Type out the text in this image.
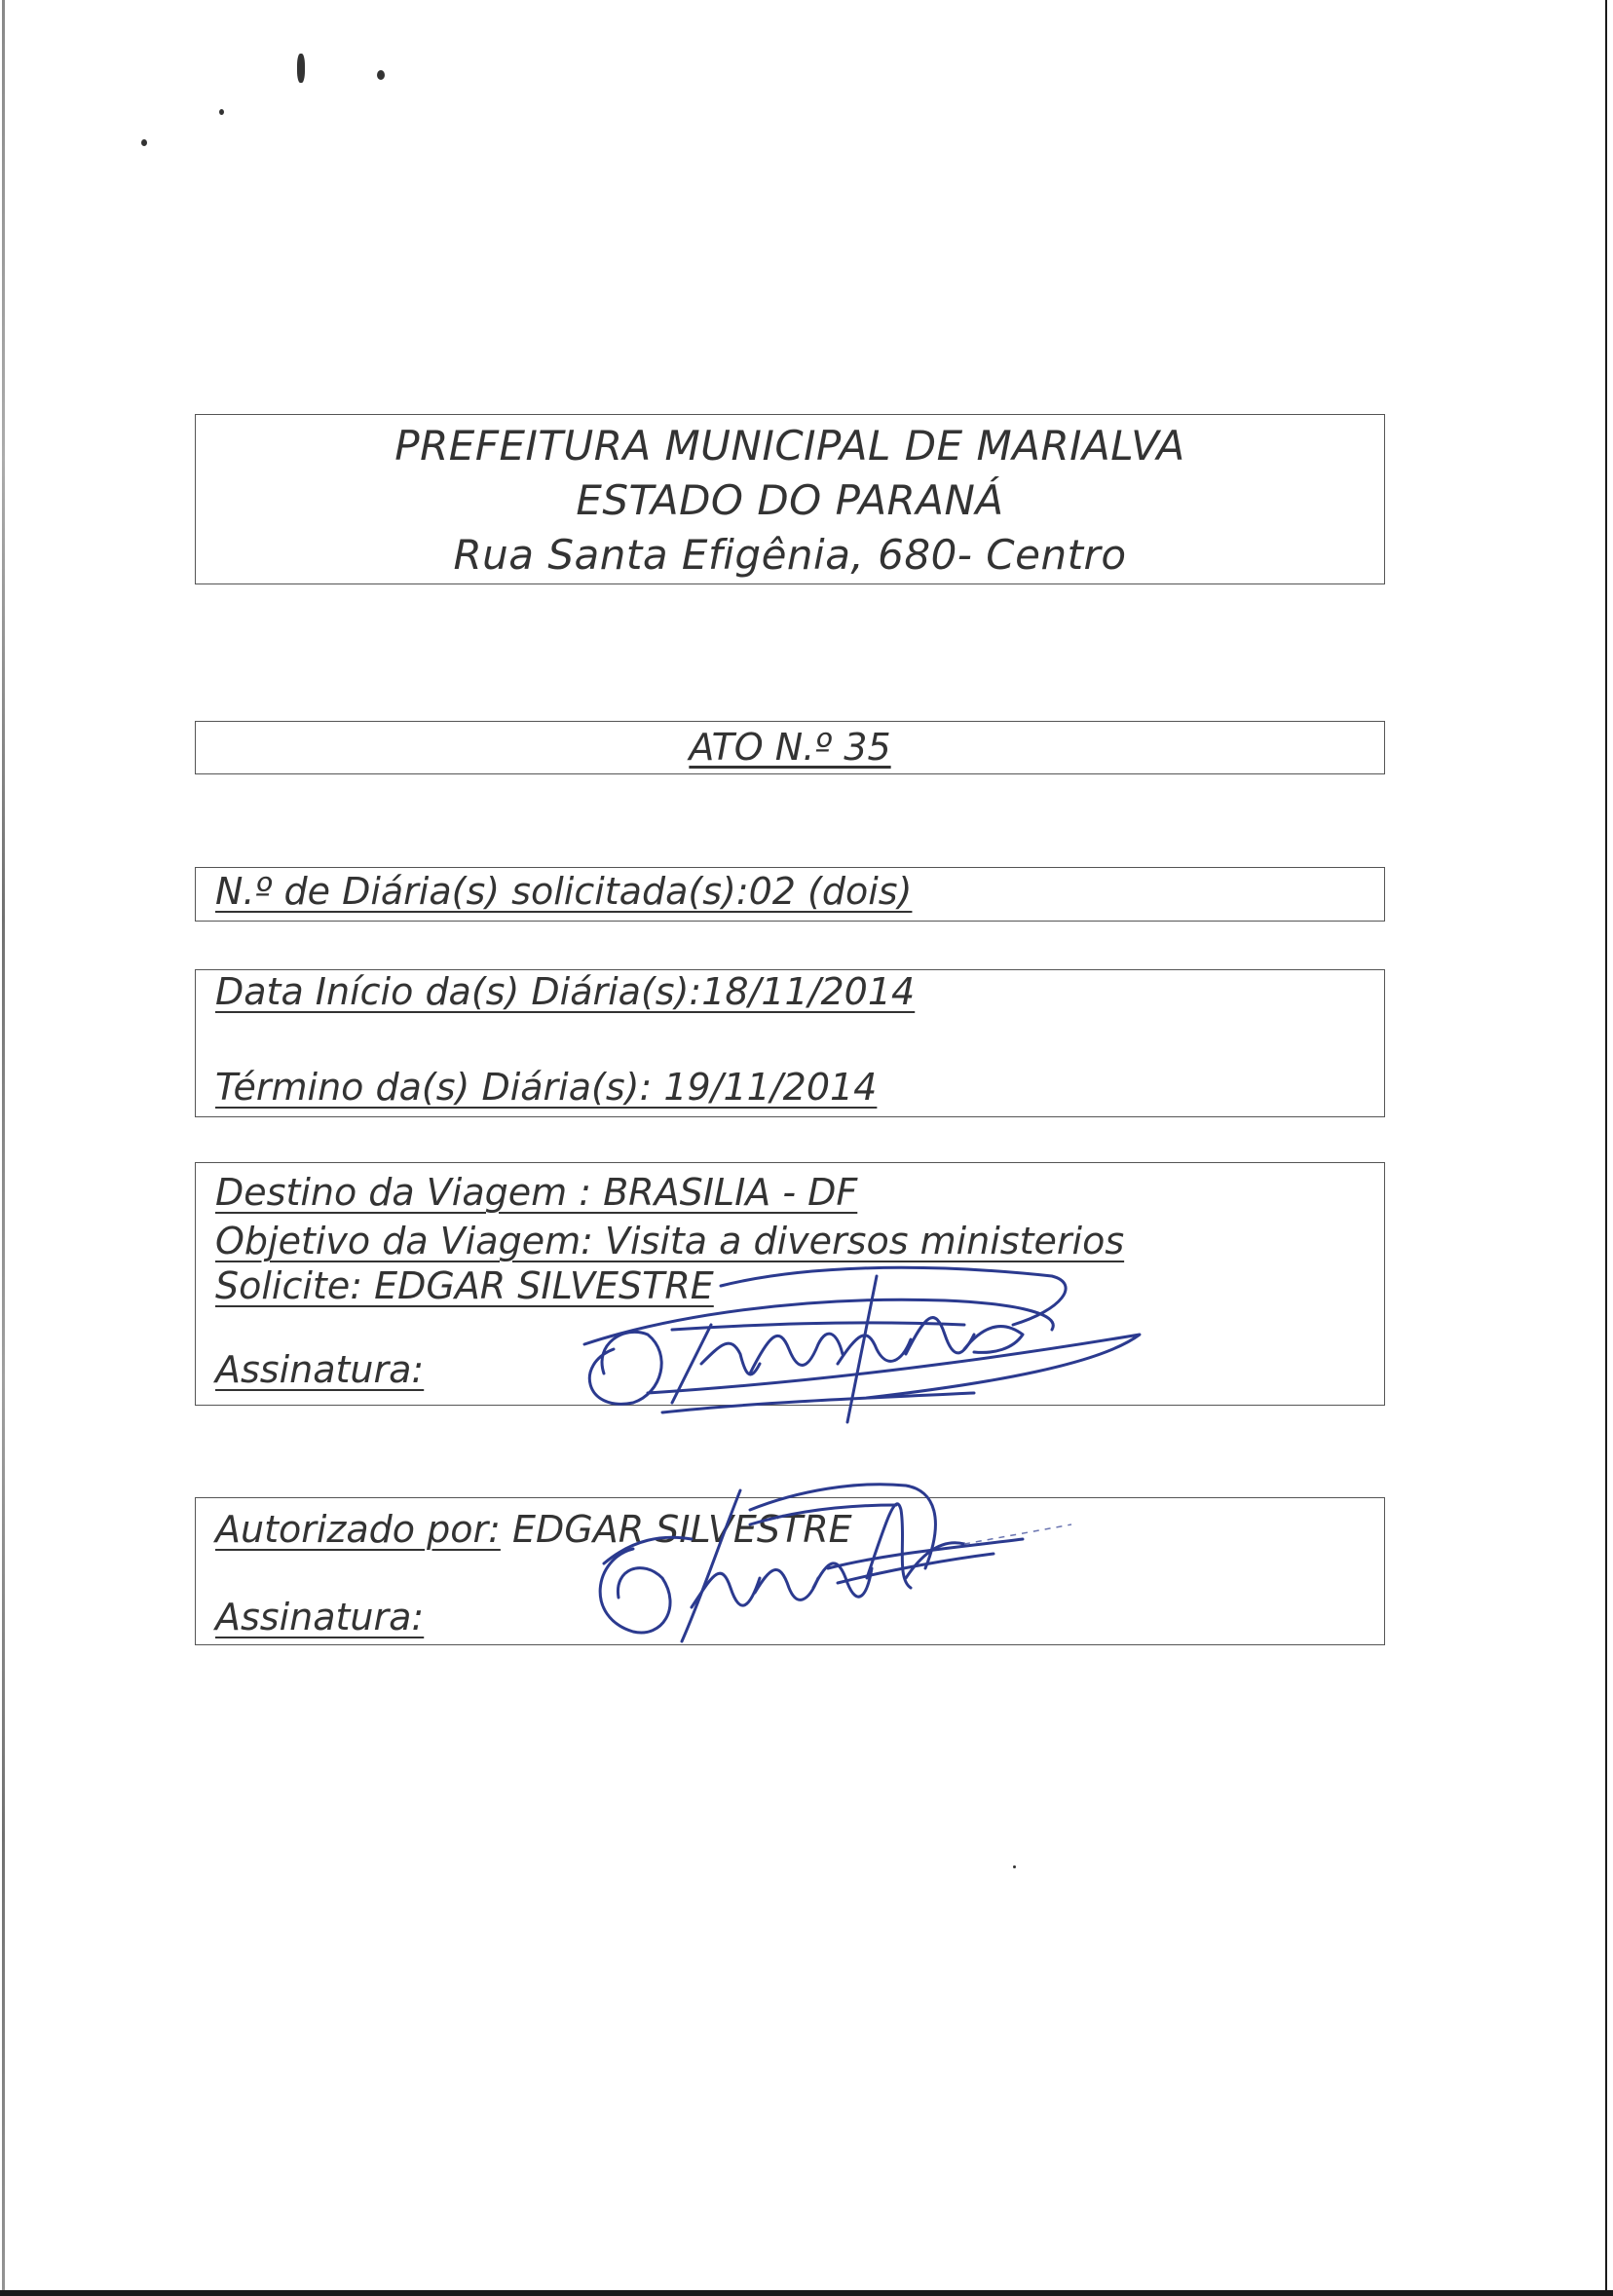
PREFEITURA MUNICIPAL DE MARIALVA
ESTADO DO PARANÁ
Rua Santa Efigênia, 680- Centro
ATO N.º 35
N.º de Diária(s) solicitada(s):02 (dois)
Data Início da(s) Diária(s):18/11/2014
Término da(s) Diária(s): 19/11/2014
Destino da Viagem : BRASILIA - DF
Objetivo da Viagem: Visita a diversos ministerios
Solicite: EDGAR SILVESTRE
Assinatura:
Autorizado por: EDGAR SILVESTRE
Assinatura:
